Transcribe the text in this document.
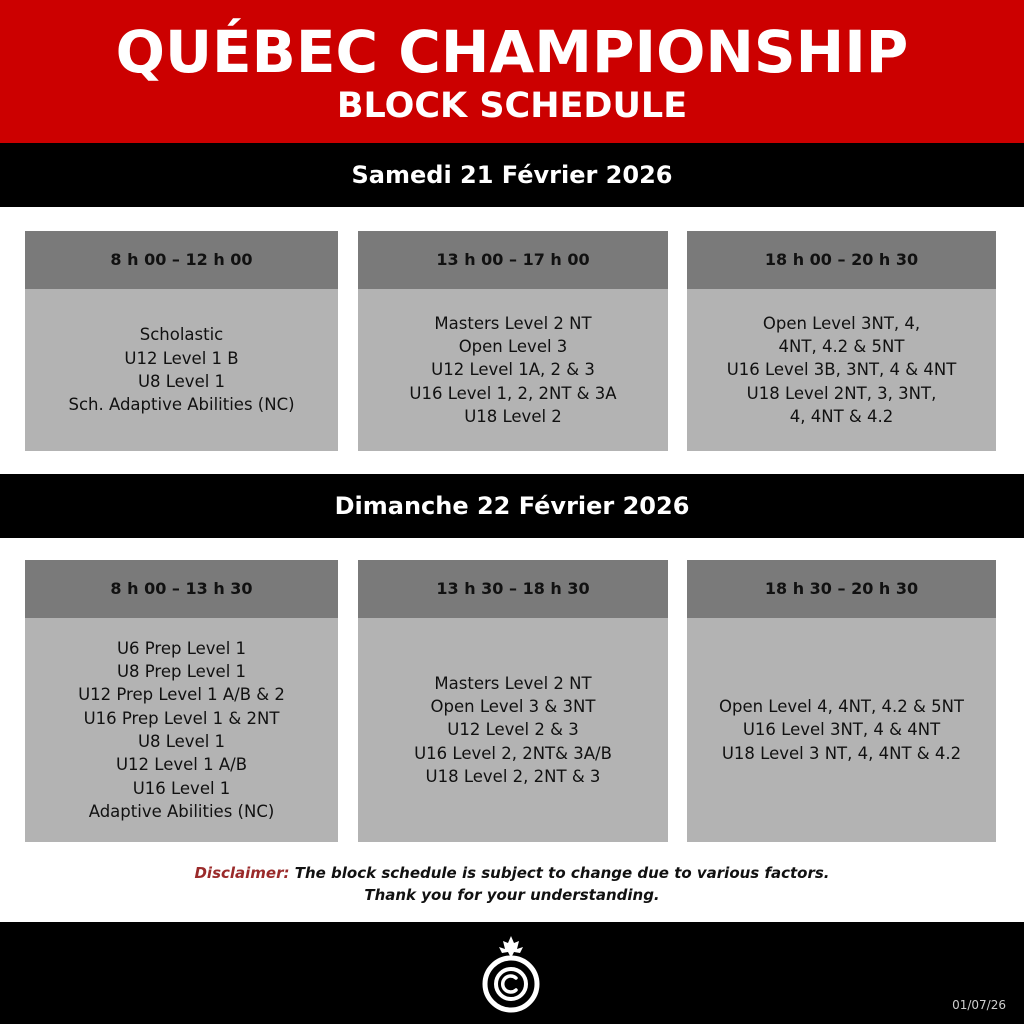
QUÉBEC CHAMPIONSHIP
BLOCK SCHEDULE
Samedi 21 Février 2026
8 h 00 – 12 h 00
Scholastic
U12 Level 1 B
U8 Level 1
Sch. Adaptive Abilities (NC)
13 h 00 – 17 h 00
Masters Level 2 NT
Open Level 3
U12 Level 1A, 2 & 3
U16 Level 1, 2, 2NT & 3A
U18 Level 2
18 h 00 – 20 h 30
Open Level 3NT, 4,
4NT, 4.2 & 5NT
U16 Level 3B, 3NT, 4 & 4NT
U18 Level 2NT, 3, 3NT,
4, 4NT & 4.2
Dimanche 22 Février 2026
8 h 00 – 13 h 30
U6 Prep Level 1
U8 Prep Level 1
U12 Prep Level 1 A/B & 2
U16 Prep Level 1 & 2NT
U8 Level 1
U12 Level 1 A/B
U16 Level 1
Adaptive Abilities (NC)
13 h 30 – 18 h 30
Masters Level 2 NT
Open Level 3 & 3NT
U12 Level 2 & 3
U16 Level 2, 2NT& 3A/B
U18 Level 2, 2NT & 3
18 h 30 – 20 h 30
Open Level 4, 4NT, 4.2 & 5NT
U16 Level 3NT, 4 & 4NT
U18 Level 3 NT, 4, 4NT & 4.2
Disclaimer: The block schedule is subject to change due to various factors.
Thank you for your understanding.
01/07/26
